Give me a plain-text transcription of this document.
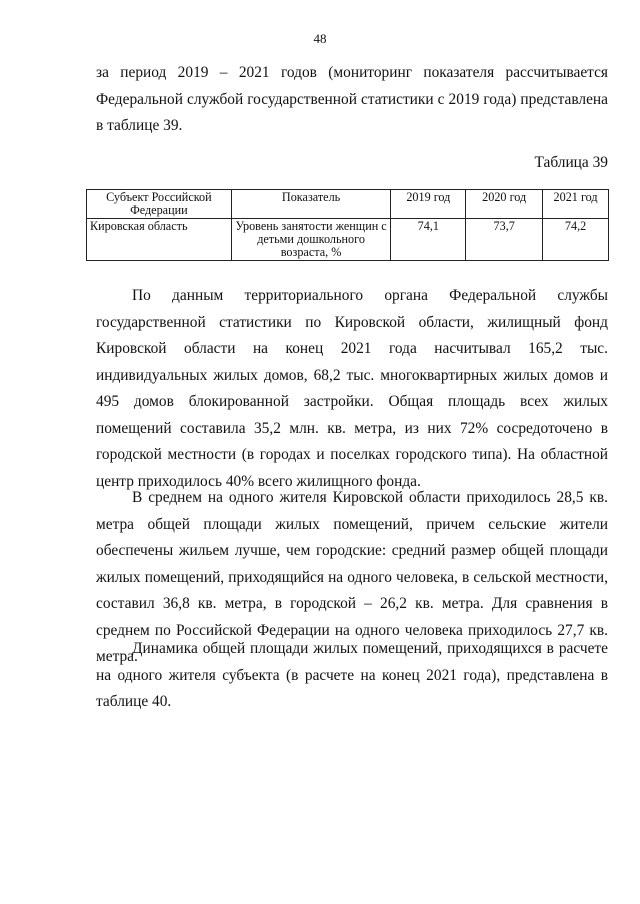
48

за период 2019 – 2021 годов (мониторинг показателя рассчитывается Федеральной службой государственной статистики с 2019 года) представлена в таблице 39.

Таблица 39
Субъект Российской Федерации	Показатель	2019 год	2020 год	2021 год
Кировская область	Уровень занятости женщин с детьми дошкольного возраста, %	74,1	73,7	74,2

По данным территориального органа Федеральной службы государственной статистики по Кировской области, жилищный фонд Кировской области на конец 2021 года насчитывал 165,2 тыс. индивидуальных жилых домов, 68,2 тыс. многоквартирных жилых домов и 495 домов блокированной застройки. Общая площадь всех жилых помещений составила 35,2 млн. кв. метра, из них 72% сосредоточено в городской местности (в городах и поселках городского типа). На областной центр приходилось 40% всего жилищного фонда.

В среднем на одного жителя Кировской области приходилось 28,5 кв. метра общей площади жилых помещений, причем сельские жители обеспечены жильем лучше, чем городские: средний размер общей площади жилых помещений, приходящийся на одного человека, в сельской местности, составил 36,8 кв. метра, в городской – 26,2 кв. метра. Для сравнения в среднем по Российской Федерации на одного человека приходилось 27,7 кв. метра.

Динамика общей площади жилых помещений, приходящихся в расчете на одного жителя субъекта (в расчете на конец 2021 года), представлена в таблице 40.
